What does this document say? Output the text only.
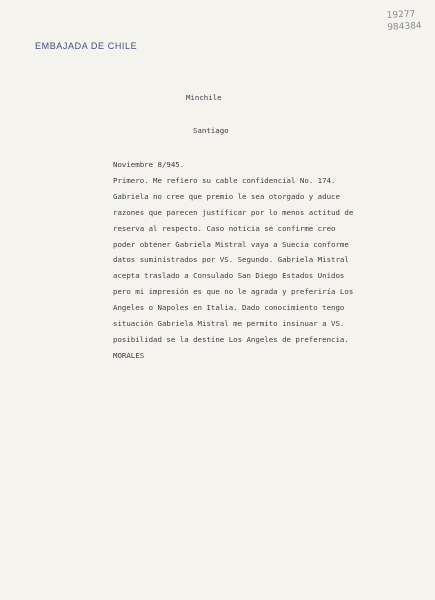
EMBAJADA DE CHILE
19277
984384
Minchile
Santiago
Noviembre 8/945.
Primero. Me refiero su cable confidencial No. 174.
Gabriela no cree que premio le sea otorgado y aduce
razones que parecen justificar por lo menos actitud de
reserva al respecto. Caso noticia se confirme creo
poder obtener Gabriela Mistral vaya a Suecia conforme
datos suministrados por VS. Segundo. Gabriela Mistral
acepta traslado a Consulado San Diego Estados Unidos
pero mi impresión es que no le agrada y preferiría Los
Angeles o Napoles en Italia. Dado conocimiento tengo
situación Gabriela Mistral me permito insinuar a VS.
posibilidad se la destine Los Angeles de preferencia.
MORALES
